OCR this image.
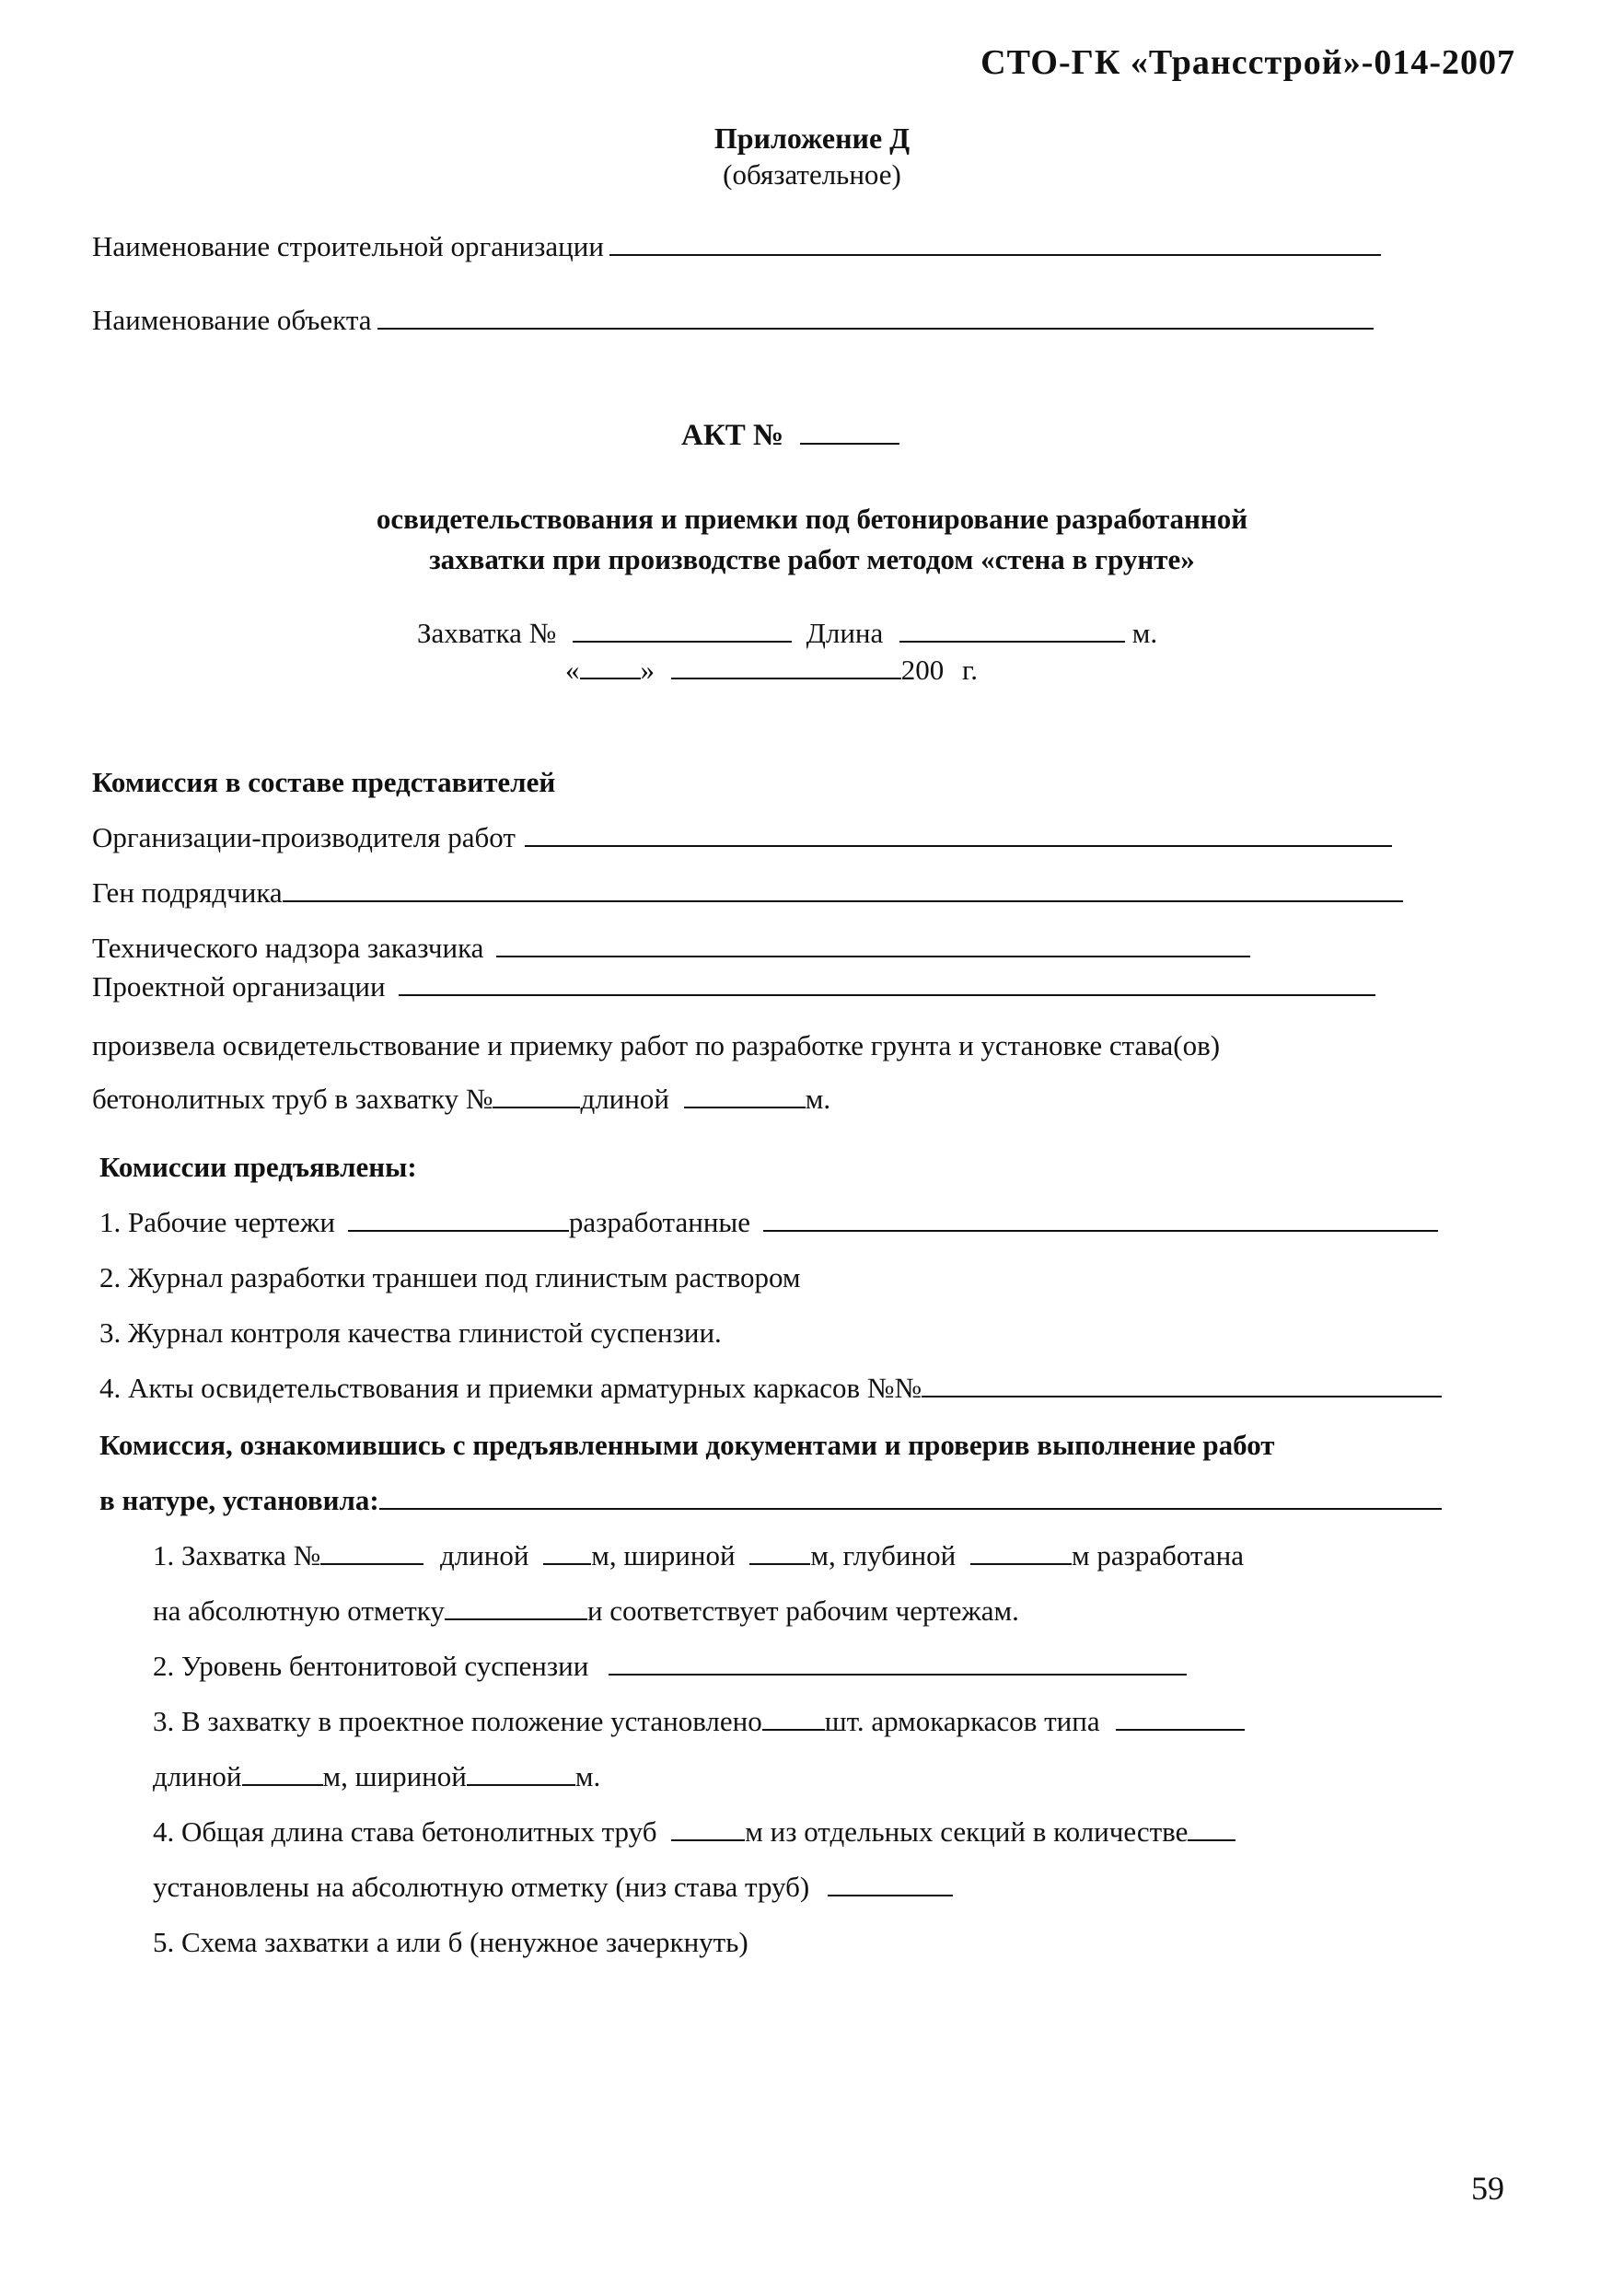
СТО-ГК «Трансстрой»-014-2007
Приложение Д
(обязательное)
Наименование строительной организации
Наименование объекта
АКТ №
освидетельствования и приемки под бетонирование разработанной
захватки при производстве работ методом «стена в грунте»
Захватка №	Длина	м.
« »	200 г.
Комиссия в составе представителей
Организации-производителя работ
Ген подрядчика
Технического надзора заказчика
Проектной организации
произвела освидетельствование и приемку работ по разработке грунта и установке става(ов)
бетонолитных труб в захватку №	длиной	м.
Комиссии предъявлены:
1. Рабочие чертежи	разработанные
2. Журнал разработки траншеи под глинистым раствором
3. Журнал контроля качества глинистой суспензии.
4. Акты освидетельствования и приемки арматурных каркасов №№
Комиссия, ознакомившись с предъявленными документами и проверив выполнение работ
в натуре, установила:
1. Захватка №	длиной м, шириной	м, глубиной	м разработана
на абсолютную отметку	и соответствует рабочим чертежам.
2. Уровень бентонитовой суспензии
3. В захватку в проектное положение установлено шт. армокаркасов типа
длиной	м, шириной	м.
4. Общая длина става бетонолитных труб	м из отдельных секций в количестве
установлены на абсолютную отметку (низ става труб)
5. Схема захватки а или б (ненужное зачеркнуть)
59
